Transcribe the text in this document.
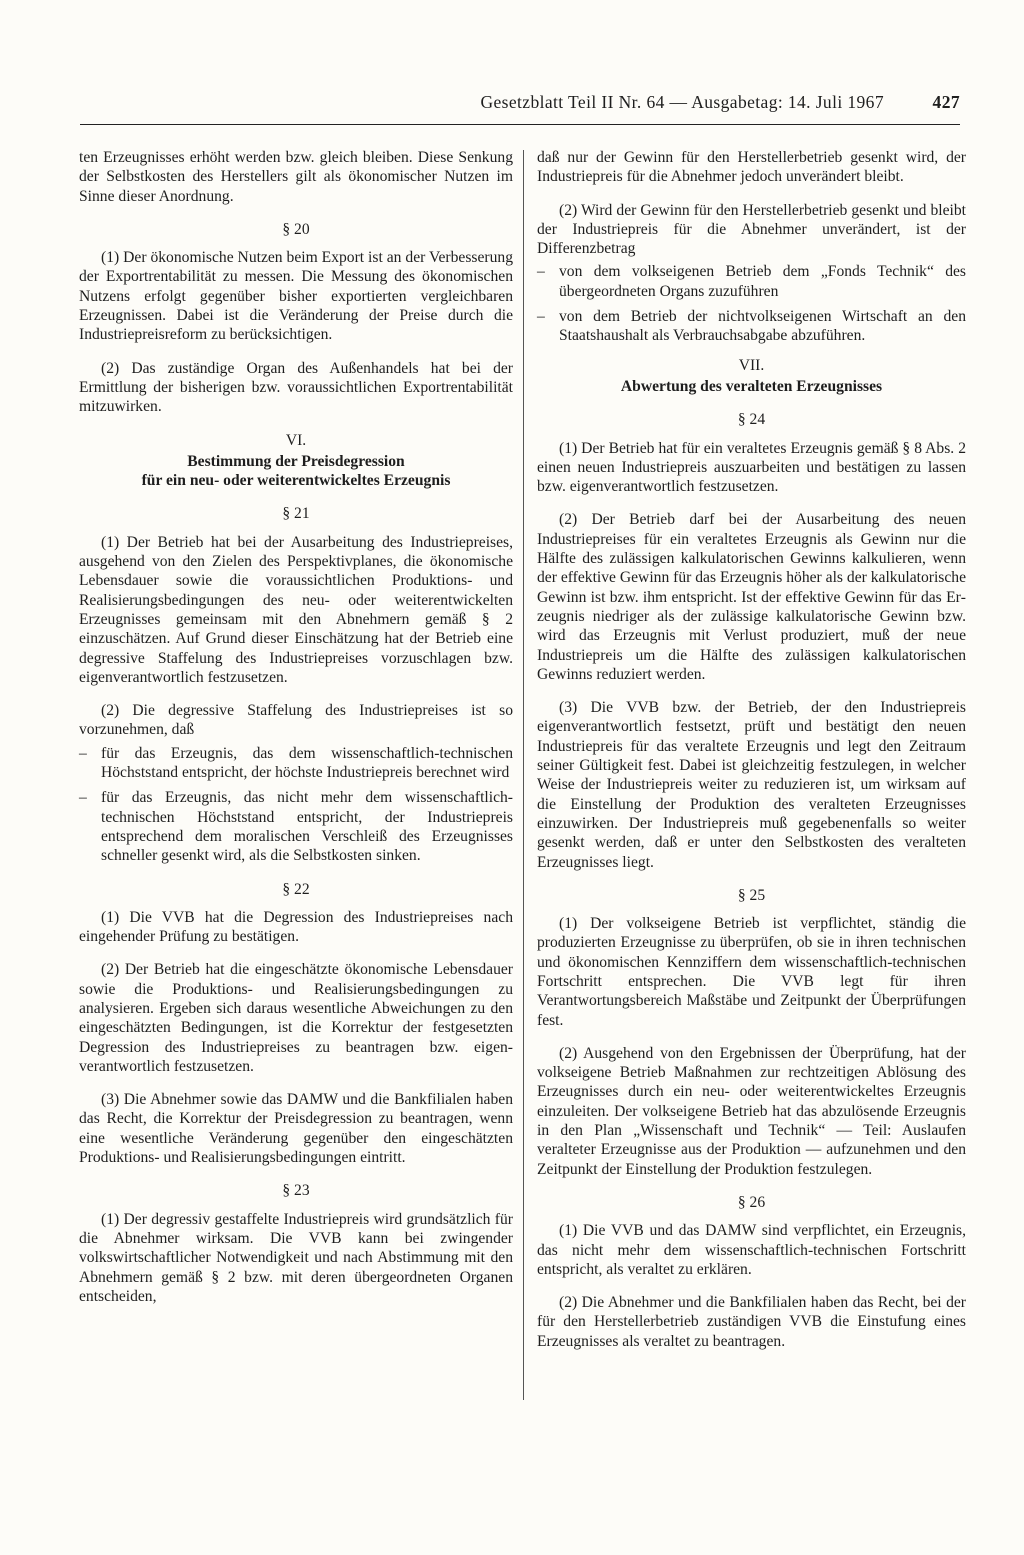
Gesetzblatt Teil II Nr. 64 — Ausgabetag: 14. Juli 1967	427

ten Erzeugnisses erhöht werden bzw. gleich bleiben. Diese Senkung der Selbstkosten des Herstellers gilt als ökonomischer Nutzen im Sinne dieser Anordnung.

§ 20

(1) Der ökonomische Nutzen beim Export ist an der Verbesserung der Exportrentabilität zu messen. Die Messung des ökonomischen Nutzens erfolgt gegenüber bisher exportierten vergleichbaren Erzeugnissen. Dabei ist die Veränderung der Preise durch die Industriepreisreform zu berücksichtigen.

(2) Das zuständige Organ des Außenhandels hat bei der Ermittlung der bisherigen bzw. voraussichtlichen Exportrentabilität mitzuwirken.

VI.
Bestimmung der Preisdegression
für ein neu- oder weiterentwickeltes Erzeugnis
§ 21

(1) Der Betrieb hat bei der Ausarbeitung des Industriepreises, ausgehend von den Zielen des Perspektivplanes, die ökonomische Lebensdauer sowie die voraussichtlichen Produktions- und Realisierungsbedingungen des neu- oder weiterentwickelten Erzeugnisses gemeinsam mit den Abnehmern gemäß § 2 einzuschätzen. Auf Grund dieser Einschätzung hat der Betrieb eine degressive Staffelung des Industriepreises vorzuschlagen bzw. eigenverantwortlich festzusetzen.

(2) Die degressive Staffelung des Industriepreises ist so vorzunehmen, daß

– für das Erzeugnis, das dem wissenschaftlich-technischen Höchststand entspricht, der höchste Industriepreis berechnet wird
– für das Erzeugnis, das nicht mehr dem wissenschaftlich-technischen Höchststand entspricht, der Industriepreis entsprechend dem moralischen Verschleiß des Erzeugnisses schneller gesenkt wird, als die Selbstkosten sinken.
§ 22

(1) Die VVB hat die Degression des Industriepreises nach eingehender Prüfung zu bestätigen.

(2) Der Betrieb hat die eingeschätzte ökonomische Lebensdauer sowie die Produktions- und Realisierungsbedingungen zu analysieren. Ergeben sich daraus wesentliche Abweichungen zu den eingeschätzten Bedingungen, ist die Korrektur der festgesetzten Degression des Industriepreises zu beantragen bzw. eigenverantwortlich festzusetzen.

(3) Die Abnehmer sowie das DAMW und die Bankfilialen haben das Recht, die Korrektur der Preisdegression zu beantragen, wenn eine wesentliche Veränderung gegenüber den eingeschätzten Produktions- und Realisierungsbedingungen eintritt.

§ 23

(1) Der degressiv gestaffelte Industriepreis wird grundsätzlich für die Abnehmer wirksam. Die VVB kann bei zwingender volkswirtschaftlicher Notwendigkeit und nach Abstimmung mit den Abnehmern gemäß § 2 bzw. mit deren übergeordneten Organen entscheiden,

daß nur der Gewinn für den Herstellerbetrieb gesenkt wird, der Industriepreis für die Abnehmer jedoch unverändert bleibt.

(2) Wird der Gewinn für den Herstellerbetrieb gesenkt und bleibt der Industriepreis für die Abnehmer unverändert, ist der Differenzbetrag

– von dem volkseigenen Betrieb dem „Fonds Technik“ des übergeordneten Organs zuzuführen
– von dem Betrieb der nichtvolkseigenen Wirtschaft an den Staatshaushalt als Verbrauchsabgabe abzuführen.
VII.
Abwertung des veralteten Erzeugnisses
§ 24

(1) Der Betrieb hat für ein veraltetes Erzeugnis gemäß § 8 Abs. 2 einen neuen Industriepreis auszuarbeiten und bestätigen zu lassen bzw. eigenverantwortlich festzusetzen.

(2) Der Betrieb darf bei der Ausarbeitung des neuen Industriepreises für ein veraltetes Erzeugnis als Gewinn nur die Hälfte des zulässigen kalkulatorischen Gewinns kalkulieren, wenn der effektive Gewinn für das Erzeugnis höher als der kalkulatorische Gewinn ist bzw. ihm entspricht. Ist der effektive Gewinn für das Erzeugnis niedriger als der zulässige kalkulatorische Gewinn bzw. wird das Erzeugnis mit Verlust produziert, muß der neue Industriepreis um die Hälfte des zulässigen kalkulatorischen Gewinns reduziert werden.

(3) Die VVB bzw. der Betrieb, der den Industriepreis eigenverantwortlich festsetzt, prüft und bestätigt den neuen Industriepreis für das veraltete Erzeugnis und legt den Zeitraum seiner Gültigkeit fest. Dabei ist gleichzeitig festzulegen, in welcher Weise der Industriepreis weiter zu reduzieren ist, um wirksam auf die Einstellung der Produktion des veralteten Erzeugnisses einzuwirken. Der Industriepreis muß gegebenenfalls so weiter gesenkt werden, daß er unter den Selbstkosten des veralteten Erzeugnisses liegt.

§ 25

(1) Der volkseigene Betrieb ist verpflichtet, ständig die produzierten Erzeugnisse zu überprüfen, ob sie in ihren technischen und ökonomischen Kennziffern dem wissenschaftlich-technischen Fortschritt entsprechen. Die VVB legt für ihren Verantwortungsbereich Maßstäbe und Zeitpunkt der Überprüfungen fest.

(2) Ausgehend von den Ergebnissen der Überprüfung, hat der volkseigene Betrieb Maßnahmen zur rechtzeitigen Ablösung des Erzeugnisses durch ein neu- oder weiterentwickeltes Erzeugnis einzuleiten. Der volkseigene Betrieb hat das abzulösende Erzeugnis in den Plan „Wissenschaft und Technik“ — Teil: Auslaufen veralteter Erzeugnisse aus der Produktion — aufzunehmen und den Zeitpunkt der Einstellung der Produktion festzulegen.

§ 26

(1) Die VVB und das DAMW sind verpflichtet, ein Erzeugnis, das nicht mehr dem wissenschaftlich-technischen Fortschritt entspricht, als veraltet zu erklären.

(2) Die Abnehmer und die Bankfilialen haben das Recht, bei der für den Herstellerbetrieb zuständigen VVB die Einstufung eines Erzeugnisses als veraltet zu beantragen.
